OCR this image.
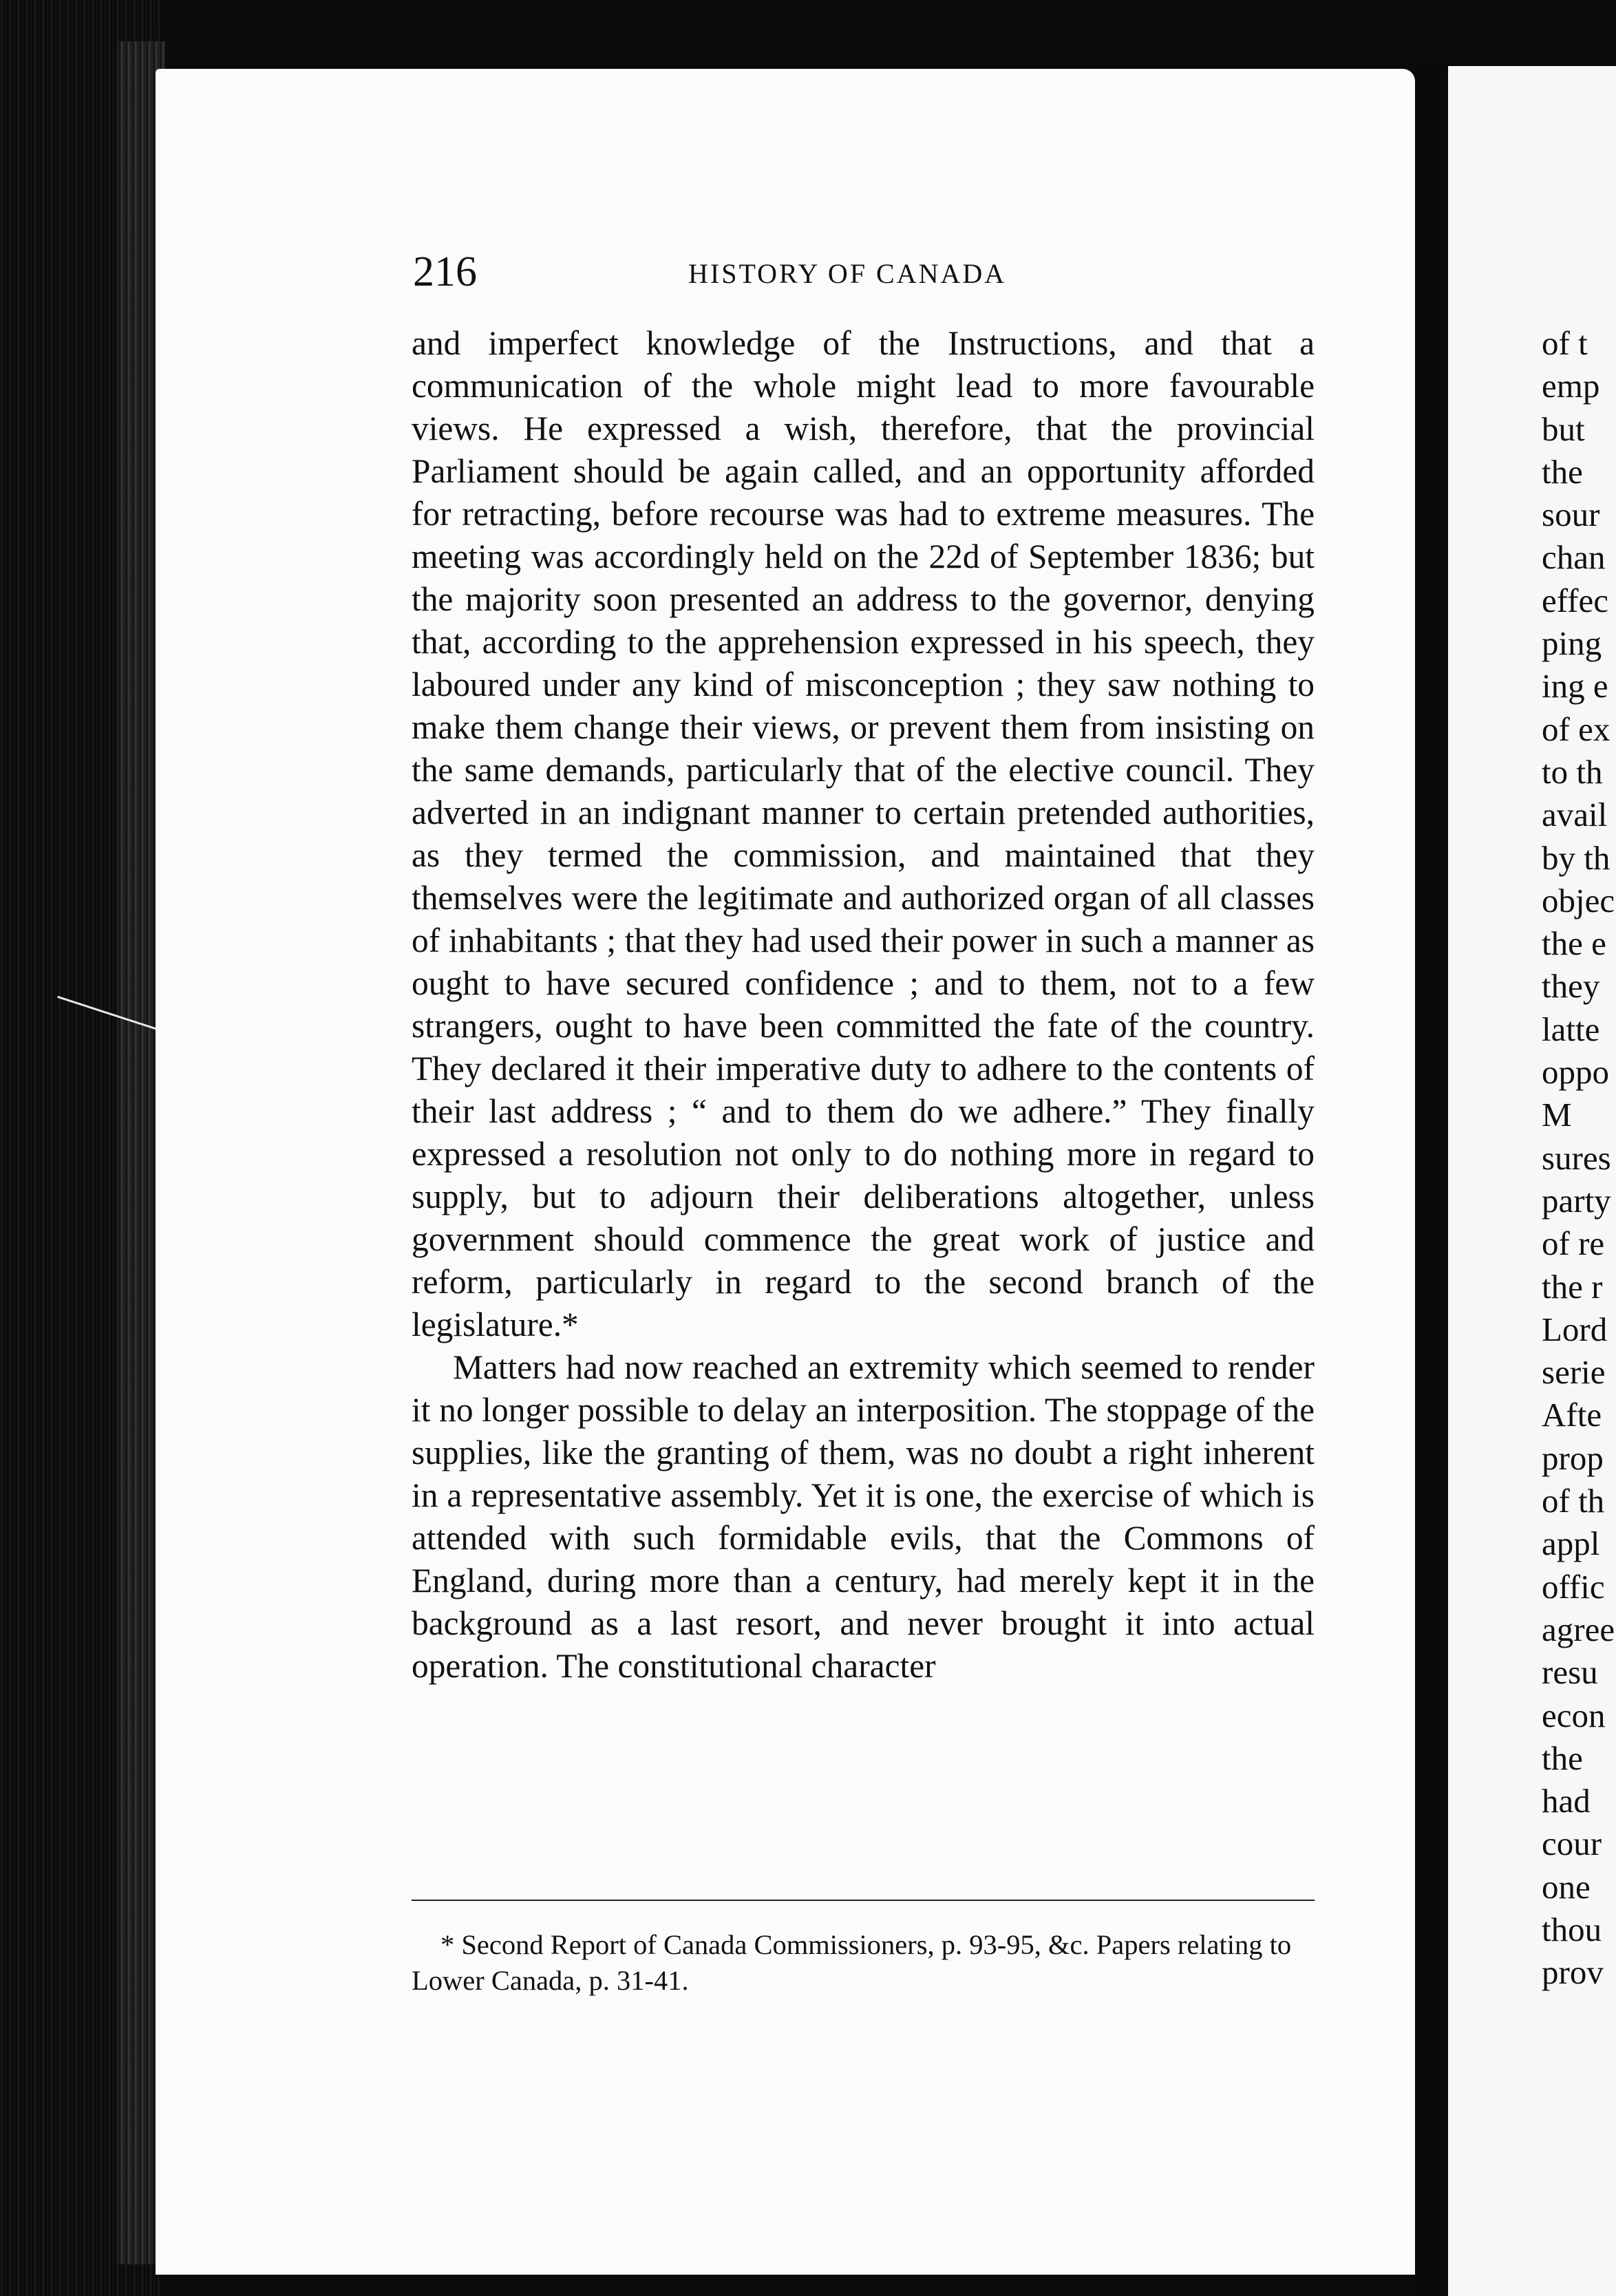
216	HISTORY OF CANADA

and imperfect knowledge of the Instructions, and that a communication of the whole might lead to more favourable views. He expressed a wish, therefore, that the provincial Parliament should be again called, and an opportunity afforded for retracting, before recourse was had to extreme measures. The meeting was accordingly held on the 22d of September 1836; but the majority soon presented an address to the governor, denying that, according to the apprehension expressed in his speech, they laboured under any kind of misconception ; they saw nothing to make them change their views, or prevent them from insisting on the same demands, particularly that of the elective council. They adverted in an indignant manner to certain pretended authorities, as they termed the commission, and maintained that they themselves were the legitimate and authorized organ of all classes of inhabitants ; that they had used their power in such a manner as ought to have secured confidence ; and to them, not to a few strangers, ought to have been committed the fate of the country. They declared it their imperative duty to adhere to the contents of their last address ; “ and to them do we adhere.” They finally expressed a resolution not only to do nothing more in regard to supply, but to adjourn their deliberations altogether, unless government should commence the great work of justice and reform, particularly in regard to the second branch of the legislature.*

Matters had now reached an extremity which seemed to render it no longer possible to delay an interposition. The stoppage of the supplies, like the granting of them, was no doubt a right inherent in a representative assembly. Yet it is one, the exercise of which is attended with such formidable evils, that the Commons of England, during more than a century, had merely kept it in the background as a last resort, and never brought it into actual operation. The constitutional character

* Second Report of Canada Commissioners, p. 93-95, &c. Papers relating to Lower Canada, p. 31-41.
of t
emp
but
the
sour
chan
effec
ping
ing e
of ex
to th
avail
by th
objec
the e
they
latte
oppo
M
sures
party
of re
the r
Lord
serie
Afte
prop
of th
appl
offic
agree
resu
econ
the
had
cour
one
thou
prov
